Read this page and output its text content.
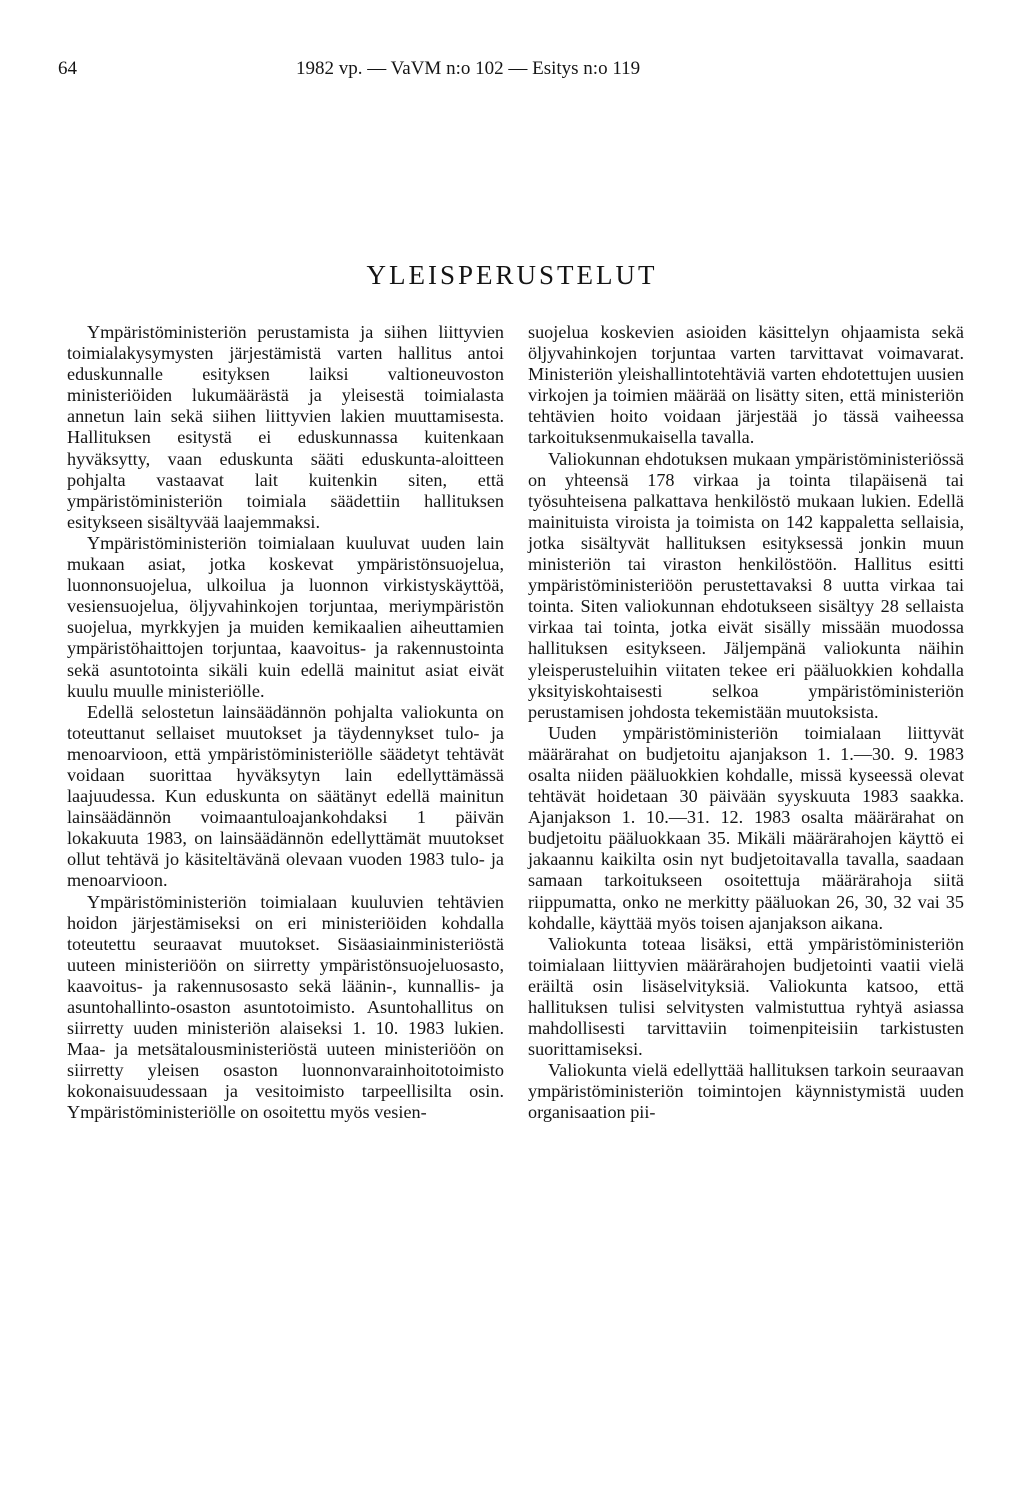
64	1982 vp. — VaVM n:o 102 — Esitys n:o 119
YLEISPERUSTELUT

Ympäristöministeriön perustamista ja siihen liittyvien toimialakysymysten järjestämistä varten hallitus antoi eduskunnalle esityksen laiksi valtioneuvoston ministeriöiden lukumäärästä ja yleisestä toimialasta annetun lain sekä siihen liittyvien lakien muuttamisesta. Hallituksen esitystä ei eduskunnassa kuitenkaan hyväksytty, vaan eduskunta sääti eduskunta-aloitteen pohjalta vastaavat lait kuitenkin siten, että ympäristöministeriön toimiala säädettiin hallituksen esitykseen sisältyvää laajemmaksi.

Ympäristöministeriön toimialaan kuuluvat uuden lain mukaan asiat, jotka koskevat ympäristönsuojelua, luonnonsuojelua, ulkoilua ja luonnon virkistyskäyttöä, vesiensuojelua, öljyvahinkojen torjuntaa, meriympäristön suojelua, myrkkyjen ja muiden kemikaalien aiheuttamien ympäristöhaittojen torjuntaa, kaavoitus- ja rakennustointa sekä asuntotointa sikäli kuin edellä mainitut asiat eivät kuulu muulle ministeriölle.

Edellä selostetun lainsäädännön pohjalta valiokunta on toteuttanut sellaiset muutokset ja täydennykset tulo- ja menoarvioon, että ympäristöministeriölle säädetyt tehtävät voidaan suorittaa hyväksytyn lain edellyttämässä laajuudessa. Kun eduskunta on säätänyt edellä mainitun lainsäädännön voimaantuloajankohdaksi 1 päivän lokakuuta 1983, on lainsäädännön edellyttämät muutokset ollut tehtävä jo käsiteltävänä olevaan vuoden 1983 tulo- ja menoarvioon.

Ympäristöministeriön toimialaan kuuluvien tehtävien hoidon järjestämiseksi on eri ministeriöiden kohdalla toteutettu seuraavat muutokset. Sisäasiainministeriöstä uuteen ministeriöön on siirretty ympäristönsuojeluosasto, kaavoitus- ja rakennusosasto sekä läänin-, kunnallis- ja asuntohallinto-osaston asuntotoimisto. Asuntohallitus on siirretty uuden ministeriön alaiseksi 1. 10. 1983 lukien. Maa- ja metsätalousministeriöstä uuteen ministeriöön on siirretty yleisen osaston luonnonvarainhoitotoimisto kokonaisuudessaan ja vesitoimisto tarpeellisilta osin. Ympäristöministeriölle on osoitettu myös vesien-

suojelua koskevien asioiden käsittelyn ohjaamista sekä öljyvahinkojen torjuntaa varten tarvittavat voimavarat. Ministeriön yleishallintotehtäviä varten ehdotettujen uusien virkojen ja toimien määrää on lisätty siten, että ministeriön tehtävien hoito voidaan järjestää jo tässä vaiheessa tarkoituksenmukaisella tavalla.

Valiokunnan ehdotuksen mukaan ympäristöministeriössä on yhteensä 178 virkaa ja tointa tilapäisenä tai työsuhteisena palkattava henkilöstö mukaan lukien. Edellä mainituista viroista ja toimista on 142 kappaletta sellaisia, jotka sisältyvät hallituksen esityksessä jonkin muun ministeriön tai viraston henkilöstöön. Hallitus esitti ympäristöministeriöön perustettavaksi 8 uutta virkaa tai tointa. Siten valiokunnan ehdotukseen sisältyy 28 sellaista virkaa tai tointa, jotka eivät sisälly missään muodossa hallituksen esitykseen. Jäljempänä valiokunta näihin yleisperusteluihin viitaten tekee eri pääluokkien kohdalla yksityiskohtaisesti selkoa ympäristöministeriön perustamisen johdosta tekemistään muutoksista.

Uuden ympäristöministeriön toimialaan liittyvät määrärahat on budjetoitu ajanjakson 1. 1.—30. 9. 1983 osalta niiden pääluokkien kohdalle, missä kyseessä olevat tehtävät hoidetaan 30 päivään syyskuuta 1983 saakka. Ajanjakson 1. 10.—31. 12. 1983 osalta määrärahat on budjetoitu pääluokkaan 35. Mikäli määrärahojen käyttö ei jakaannu kaikilta osin nyt budjetoitavalla tavalla, saadaan samaan tarkoitukseen osoitettuja määrärahoja siitä riippumatta, onko ne merkitty pääluokan 26, 30, 32 vai 35 kohdalle, käyttää myös toisen ajanjakson aikana.

Valiokunta toteaa lisäksi, että ympäristöministeriön toimialaan liittyvien määrärahojen budjetointi vaatii vielä eräiltä osin lisäselvityksiä. Valiokunta katsoo, että hallituksen tulisi selvitysten valmistuttua ryhtyä asiassa mahdollisesti tarvittaviin toimenpiteisiin tarkistusten suorittamiseksi.

Valiokunta vielä edellyttää hallituksen tarkoin seuraavan ympäristöministeriön toimintojen käynnistymistä uuden organisaation pii-
